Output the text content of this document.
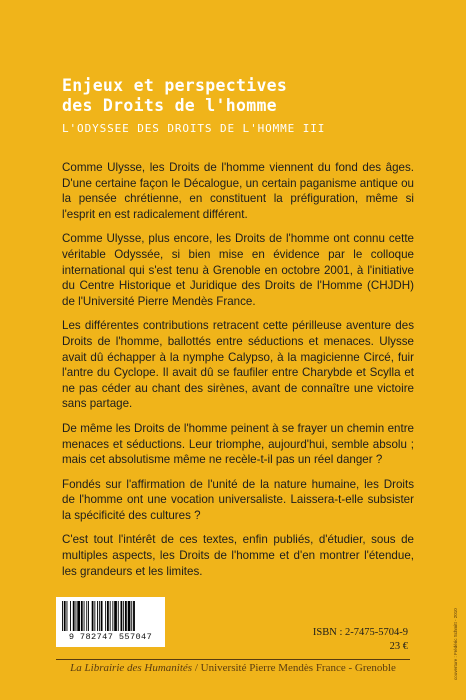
Enjeux et perspectives
des Droits de l'homme
L'ODYSSEE DES DROITS DE L'HOMME III

Comme Ulysse, les Droits de l'homme viennent du fond des âges. D'une certaine façon le Décalogue, un certain paganisme antique ou la pensée chrétienne, en constituent la préfiguration, même si l'esprit en est radicalement différent.

Comme Ulysse, plus encore, les Droits de l'homme ont connu cette véritable Odyssée, si bien mise en évidence par le colloque international qui s'est tenu à Grenoble en octobre 2001, à l'initiative du Centre Historique et Juridique des Droits de l'Homme (CHJDH) de l'Université Pierre Mendès France.

Les différentes contributions retracent cette périlleuse aventure des Droits de l'homme, ballottés entre séductions et menaces. Ulysse avait dû échapper à la nymphe Calypso, à la magicienne Circé, fuir l'antre du Cyclope. Il avait dû se faufiler entre Charybde et Scylla et ne pas céder au chant des sirènes, avant de connaître une victoire sans partage.

De même les Droits de l'homme peinent à se frayer un chemin entre menaces et séductions. Leur triomphe, aujourd'hui, semble absolu ; mais cet absolutisme même ne recèle-t-il pas un réel danger ?

Fondés sur l'affirmation de l'unité de la nature humaine, les Droits de l'homme ont une vocation universaliste. Laissera-t-elle subsister la spécificité des cultures ?

C'est tout l'intérêt de ces textes, enfin publiés, d'étudier, sous de multiples aspects, les Droits de l'homme et d'en montrer l'étendue, les grandeurs et les limites.

9 782747 557047	ISBN : 2-7475-5704-9
23 €
La Librairie des Humanités / Université Pierre Mendès France - Grenoble	couverture : Frédéric Schmitt - 2010
